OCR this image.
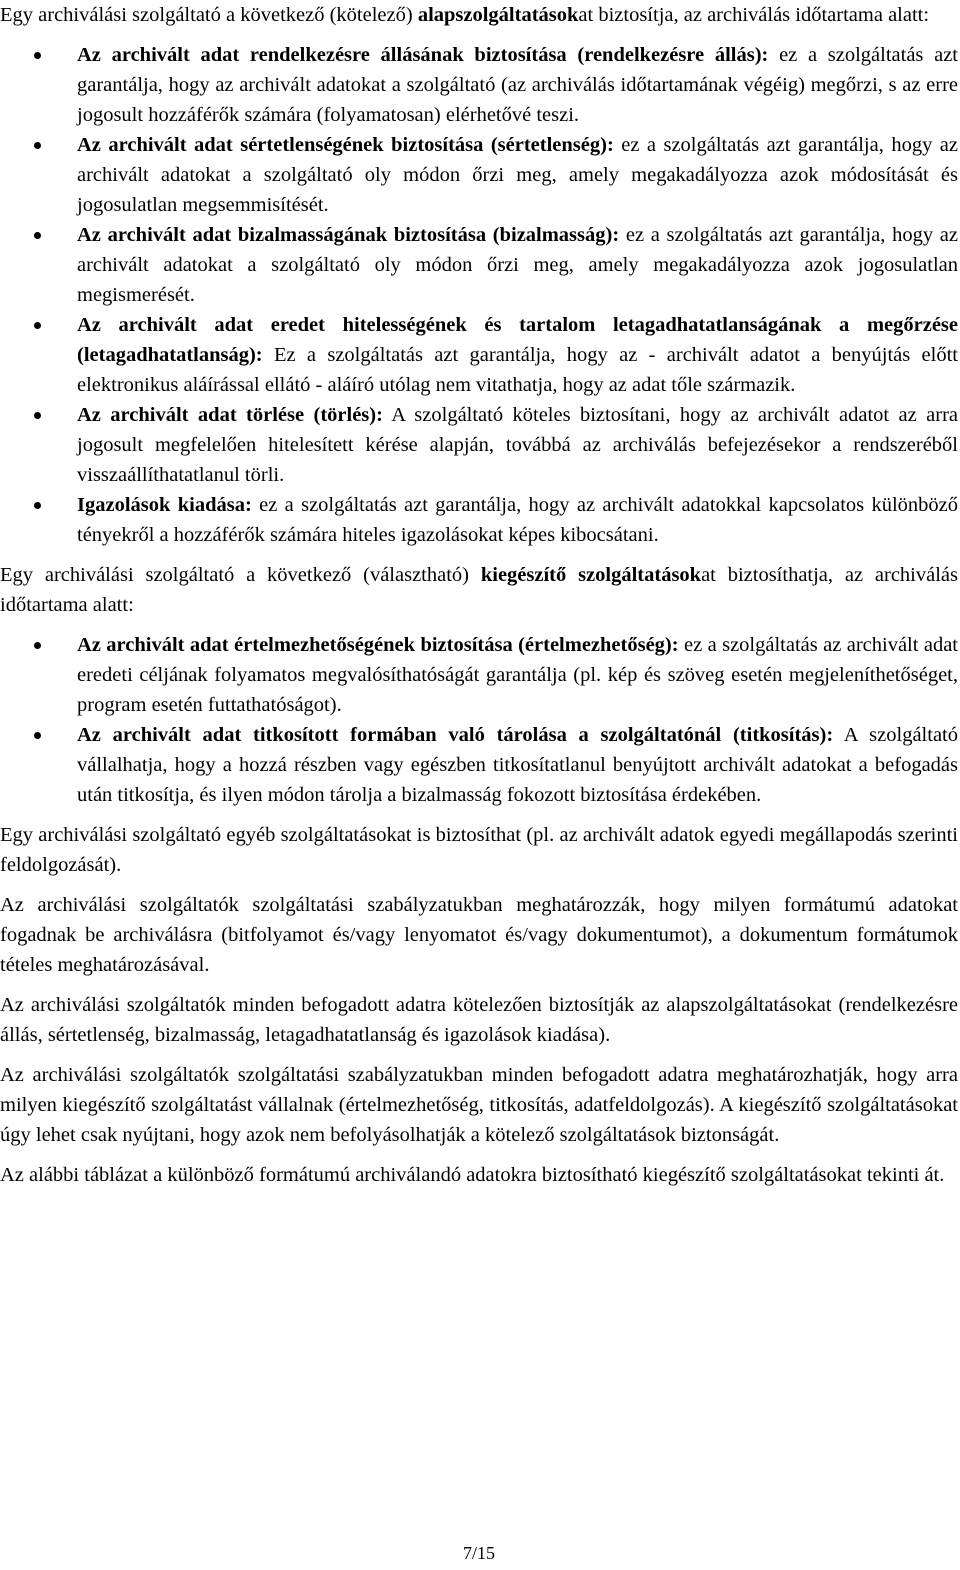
Egy archiválási szolgáltató a következő (kötelező) alapszolgáltatásokat biztosítja, az archiválás időtartama alatt:

Az archivált adat rendelkezésre állásának biztosítása (rendelkezésre állás): ez a szolgáltatás azt garantálja, hogy az archivált adatokat a szolgáltató (az archiválás időtartamának végéig) megőrzi, s az erre jogosult hozzáférők számára (folyamatosan) elérhetővé teszi.
Az archivált adat sértetlenségének biztosítása (sértetlenség): ez a szolgáltatás azt garantálja, hogy az archivált adatokat a szolgáltató oly módon őrzi meg, amely megakadályozza azok módosítását és jogosulatlan megsemmisítését.
Az archivált adat bizalmasságának biztosítása (bizalmasság): ez a szolgáltatás azt garantálja, hogy az archivált adatokat a szolgáltató oly módon őrzi meg, amely megakadályozza azok jogosulatlan megismerését.
Az archivált adat eredet hitelességének és tartalom letagadhatatlanságának a megőrzése (letagadhatatlanság): Ez a szolgáltatás azt garantálja, hogy az - archivált adatot a benyújtás előtt elektronikus aláírással ellátó - aláíró utólag nem vitathatja, hogy az adat tőle származik.
Az archivált adat törlése (törlés): A szolgáltató köteles biztosítani, hogy az archivált adatot az arra jogosult megfelelően hitelesített kérése alapján, továbbá az archiválás befejezésekor a rendszeréből visszaállíthatatlanul törli.
Igazolások kiadása: ez a szolgáltatás azt garantálja, hogy az archivált adatokkal kapcsolatos különböző tényekről a hozzáférők számára hiteles igazolásokat képes kibocsátani.

Egy archiválási szolgáltató a következő (választható) kiegészítő szolgáltatásokat biztosíthatja, az archiválás időtartama alatt:

Az archivált adat értelmezhetőségének biztosítása (értelmezhetőség): ez a szolgáltatás az archivált adat eredeti céljának folyamatos megvalósíthatóságát garantálja (pl. kép és szöveg esetén megjeleníthetőséget, program esetén futtathatóságot).
Az archivált adat titkosított formában való tárolása a szolgáltatónál (titkosítás): A szolgáltató vállalhatja, hogy a hozzá részben vagy egészben titkosítatlanul benyújtott archivált adatokat a befogadás után titkosítja, és ilyen módon tárolja a bizalmasság fokozott biztosítása érdekében.

Egy archiválási szolgáltató egyéb szolgáltatásokat is biztosíthat (pl. az archivált adatok egyedi megállapodás szerinti feldolgozását).

Az archiválási szolgáltatók szolgáltatási szabályzatukban meghatározzák, hogy milyen formátumú adatokat fogadnak be archiválásra (bitfolyamot és/vagy lenyomatot és/vagy dokumentumot), a dokumentum formátumok tételes meghatározásával.

Az archiválási szolgáltatók minden befogadott adatra kötelezően biztosítják az alapszolgáltatásokat (rendelkezésre állás, sértetlenség, bizalmasság, letagadhatatlanság és igazolások kiadása).

Az archiválási szolgáltatók szolgáltatási szabályzatukban minden befogadott adatra meghatározhatják, hogy arra milyen kiegészítő szolgáltatást vállalnak (értelmezhetőség, titkosítás, adatfeldolgozás). A kiegészítő szolgáltatásokat úgy lehet csak nyújtani, hogy azok nem befolyásolhatják a kötelező szolgáltatások biztonságát.

Az alábbi táblázat a különböző formátumú archiválandó adatokra biztosítható kiegészítő szolgáltatásokat tekinti át.

7/15
